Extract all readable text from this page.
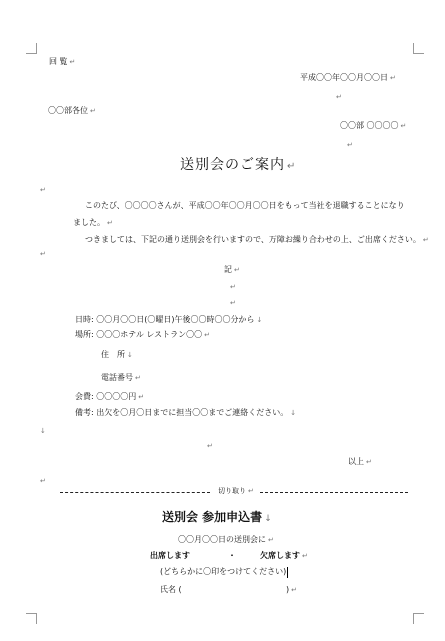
回 覧 ↵
平成〇〇年〇〇月〇〇日 ↵
↵
〇〇部各位 ↵
〇〇部 〇〇〇〇 ↵
↵
送別会のご案内 ↵
↵
このたび、〇〇〇〇さんが、平成〇〇年〇〇月〇〇日をもって当社を退職することになり
ました。 ↵
つきましては、下記の通り送別会を行いますので、万障お繰り合わせの上、ご出席ください。 ↵
↵
記 ↵
↵
↵
日時: 〇〇月〇〇日(〇曜日)午後〇〇時〇〇分から ↓
場所: 〇〇〇ホテル レストラン〇〇 ↵
住　所 ↓
電話番号 ↵
会費: 〇〇〇〇円 ↵
備考: 出欠を〇月〇日までに担当〇〇までご連絡ください。 ↓
↓
↵
以上 ↵
↵
切り取り ↵
送別会 参加申込書 ↓
〇〇月〇〇日の送別会に ↵
出席します	・	欠席します ↵
(どちらかに〇印をつけてください)
氏名 (	) ↵
